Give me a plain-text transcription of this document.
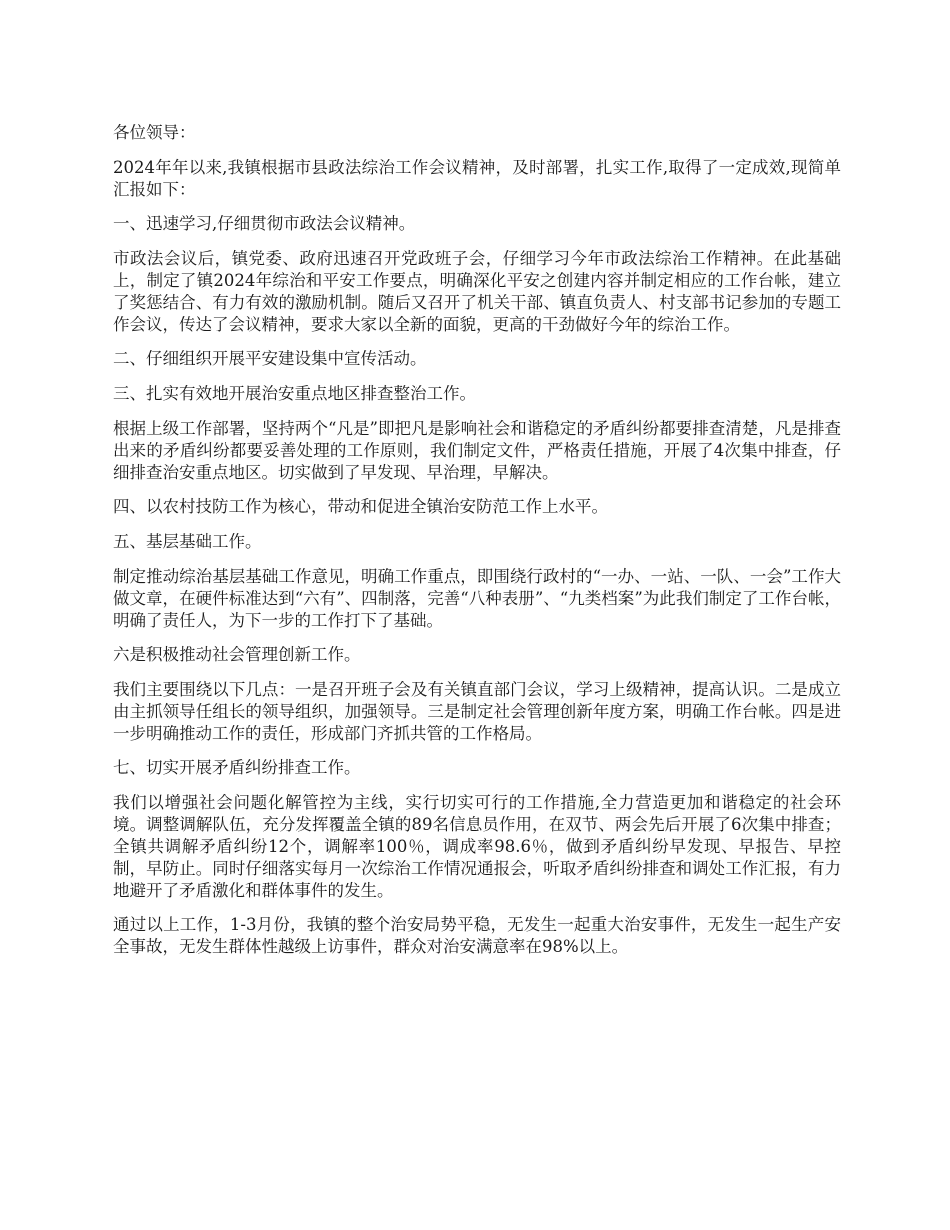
各位领导：

2024年年以来,我镇根据市县政法综治工作会议精神，及时部署，扎实工作,取得了一定成效,现简单汇报如下：

一、迅速学习,仔细贯彻市政法会议精神。

市政法会议后，镇党委、政府迅速召开党政班子会，仔细学习今年市政法综治工作精神。在此基础上，制定了镇2024年综治和平安工作要点，明确深化平安之创建内容并制定相应的工作台帐，建立了奖惩结合、有力有效的激励机制。随后又召开了机关干部、镇直负责人、村支部书记参加的专题工作会议，传达了会议精神，要求大家以全新的面貌，更高的干劲做好今年的综治工作。

二、仔细组织开展平安建设集中宣传活动。

三、扎实有效地开展治安重点地区排查整治工作。

根据上级工作部署，坚持两个“凡是”即把凡是影响社会和谐稳定的矛盾纠纷都要排查清楚，凡是排查出来的矛盾纠纷都要妥善处理的工作原则，我们制定文件，严格责任措施，开展了4次集中排查，仔细排查治安重点地区。切实做到了早发现、早治理，早解决。

四、以农村技防工作为核心，带动和促进全镇治安防范工作上水平。

五、基层基础工作。

制定推动综治基层基础工作意见，明确工作重点，即围绕行政村的“一办、一站、一队、一会”工作大做文章，在硬件标准达到“六有”、四制落，完善“八种表册”、“九类档案”为此我们制定了工作台帐，明确了责任人，为下一步的工作打下了基础。

六是积极推动社会管理创新工作。

我们主要围绕以下几点：一是召开班子会及有关镇直部门会议，学习上级精神，提高认识。二是成立由主抓领导任组长的领导组织，加强领导。三是制定社会管理创新年度方案，明确工作台帐。四是进一步明确推动工作的责任，形成部门齐抓共管的工作格局。

七、切实开展矛盾纠纷排查工作。

我们以增强社会问题化解管控为主线，实行切实可行的工作措施,全力营造更加和谐稳定的社会环境。调整调解队伍，充分发挥覆盖全镇的89名信息员作用，在双节、两会先后开展了6次集中排查；全镇共调解矛盾纠纷12个，调解率100％，调成率98.6％，做到矛盾纠纷早发现、早报告、早控制，早防止。同时仔细落实每月一次综治工作情况通报会，听取矛盾纠纷排查和调处工作汇报，有力地避开了矛盾激化和群体事件的发生。

通过以上工作，1-3月份，我镇的整个治安局势平稳，无发生一起重大治安事件，无发生一起生产安全事故，无发生群体性越级上访事件，群众对治安满意率在98%以上。
